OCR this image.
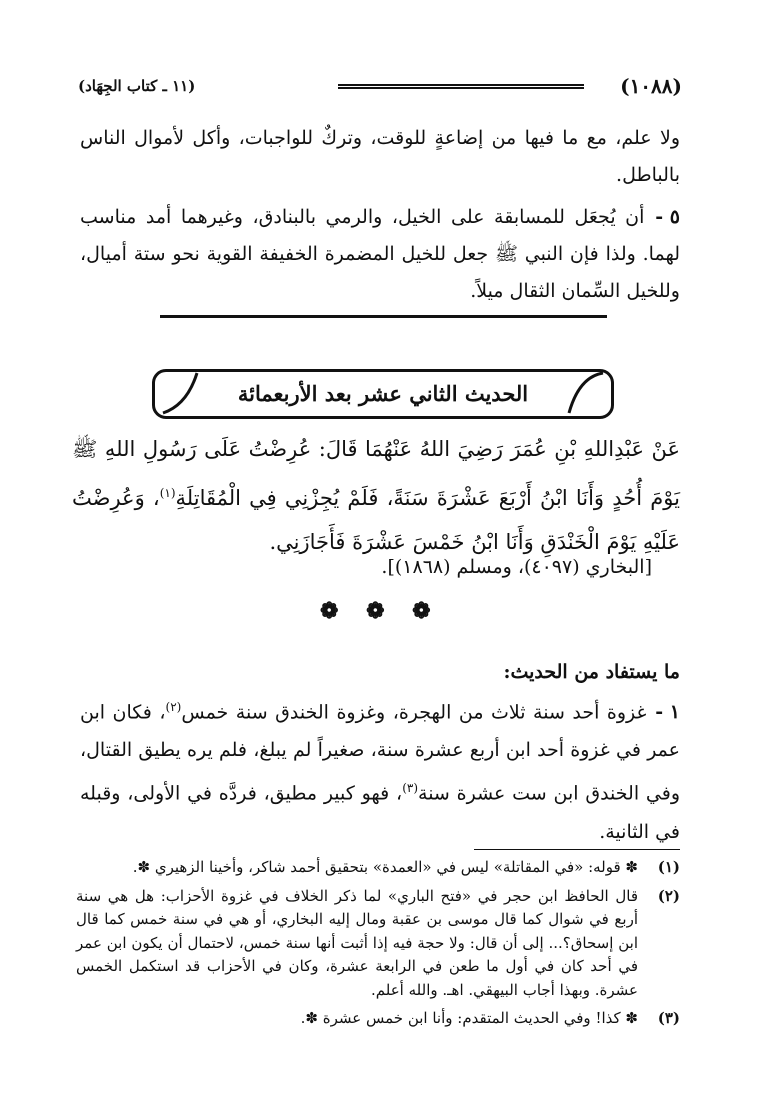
(١٠٨٨)
(١١ ـ كتاب الجِهَاد)
ولا علم، مع ما فيها من إضاعةٍ للوقت، وتركٌ للواجبات، وأكل لأموال الناس بالباطل.
٥ - أن يُجعَل للمسابقة على الخيل، والرمي بالبنادق، وغيرهما أمد مناسب لهما. ولذا فإن النبي ﷺ جعل للخيل المضمرة الخفيفة القوية نحو ستة أميال، وللخيل السِّمان الثقال ميلاً.
الحديث الثاني عشر بعد الأربعمائة
عَنْ عَبْدِاللهِ بْنِ عُمَرَ رَضِيَ اللهُ عَنْهُمَا قَالَ: عُرِضْتُ عَلَى رَسُولِ اللهِ ﷺ يَوْمَ أُحُدٍ وَأَنَا ابْنُ أَرْبَعَ عَشْرَةَ سَنَةً، فَلَمْ يُجِزْنِي فِي الْمُقَاتِلَةِ$^{(١)}$، وَعُرِضْتُ عَلَيْهِ يَوْمَ الْخَنْدَقِ وَأَنَا ابْنُ خَمْسَ عَشْرَةَ فَأَجَازَنِي.
[البخاري (٤٠٩٧)، ومسلم (١٨٦٨)].
❁ ❁ ❁
ما يستفاد من الحديث:
١ - غزوة أحد سنة ثلاث من الهجرة، وغزوة الخندق سنة خمس$^{(٢)}$، فكان ابن عمر في غزوة أحد ابن أربع عشرة سنة، صغيراً لم يبلغ، فلم يره يطيق القتال، وفي الخندق ابن ست عشرة سنة$^{(٣)}$، فهو كبير مطيق، فردَّه في الأولى، وقبله في الثانية.
(١)
✽ قوله: «في المقاتلة» ليس في «العمدة» بتحقيق أحمد شاكر، وأخينا الزهيري ✽.
(٢)
قال الحافظ ابن حجر في «فتح الباري» لما ذكر الخلاف في غزوة الأحزاب: هل هي سنة أربع في شوال كما قال موسى بن عقبة ومال إليه البخاري، أو هي في سنة خمس كما قال ابن إسحاق؟... إلى أن قال: ولا حجة فيه إذا أثبت أنها سنة خمس، لاحتمال أن يكون ابن عمر في أحد كان في أول ما طعن في الرابعة عشرة، وكان في الأحزاب قد استكمل الخمس عشرة. وبهذا أجاب البيهقي. اهـ. والله أعلم.
(٣)
✽ كذا! وفي الحديث المتقدم: وأنا ابن خمس عشرة ✽.
